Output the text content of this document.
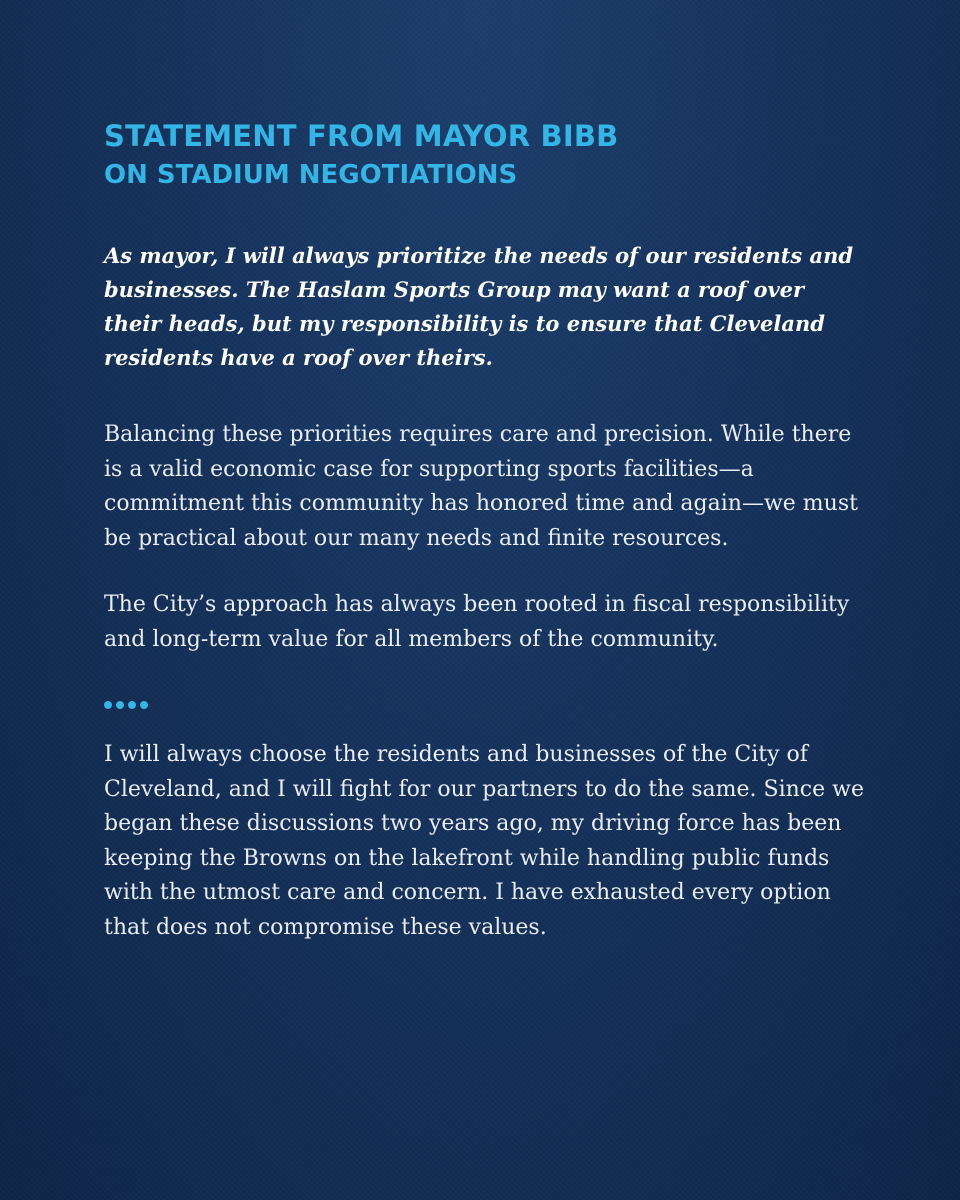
STATEMENT FROM MAYOR BIBB
ON STADIUM NEGOTIATIONS

As mayor, I will always prioritize the needs of our residents and businesses. The Haslam Sports Group may want a roof over their heads, but my responsibility is to ensure that Cleveland residents have a roof over theirs.

Balancing these priorities requires care and precision. While there is a valid economic case for supporting sports facilities—a commitment this community has honored time and again—we must be practical about our many needs and finite resources.

The City’s approach has always been rooted in fiscal responsibility and long-term value for all members of the community.

I will always choose the residents and businesses of the City of Cleveland, and I will fight for our partners to do the same. Since we began these discussions two years ago, my driving force has been keeping the Browns on the lakefront while handling public funds with the utmost care and concern. I have exhausted every option that does not compromise these values.
